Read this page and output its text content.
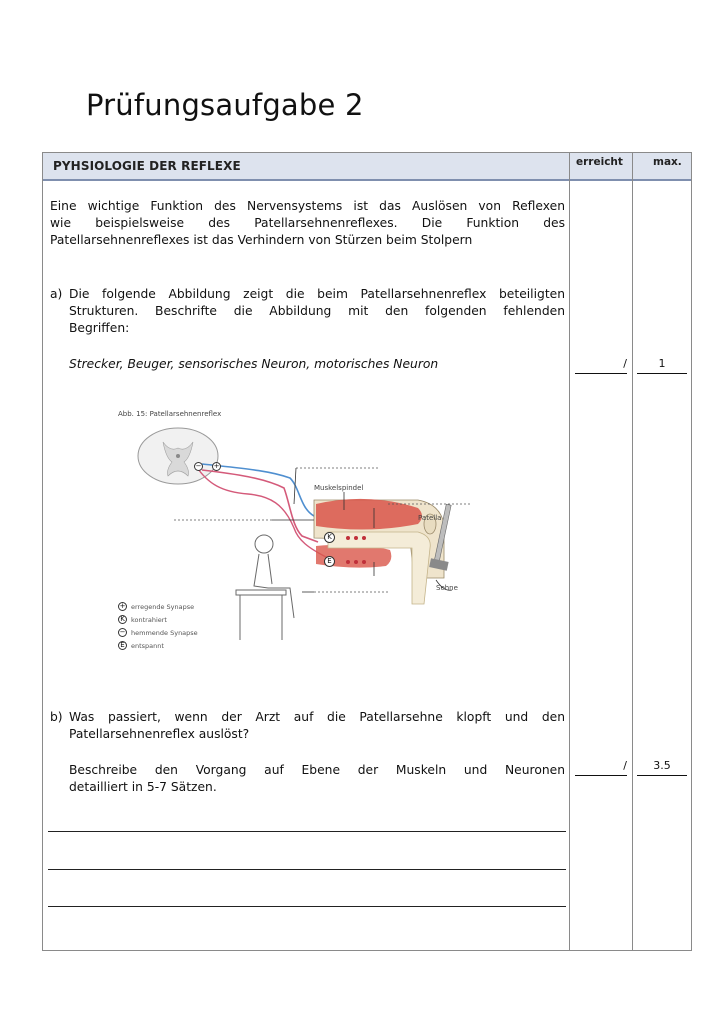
Prüfungsaufgabe 2
PYHSIOLOGIE DER REFLEXE	erreicht	max.
Eine wichtige Funktion des Nervensystems ist das Auslösen von Reflexen
wie beispielsweise des Patellarsehnenreflexes. Die Funktion des
Patellarsehnenreflexes ist das Verhindern von Stürzen beim Stolpern
a) Die folgende Abbildung zeigt die beim Patellarsehnenreflex beteiligten
Strukturen. Beschrifte die Abbildung mit den folgenden fehlenden
Begriffen:
Strecker, Beuger, sensorisches Neuron, motorisches Neuron	/	1
Abb. 15: Patellarsehnenreflex
Muskelspindel
Patella
Sehne
− +
K
E
+ erregende Synapse
K kontrahiert
− hemmende Synapse
E entspannt
b) Was passiert, wenn der Arzt auf die Patellarsehne klopft und den
Patellarsehnenreflex auslöst?
Beschreibe den Vorgang auf Ebene der Muskeln und Neuronen
detailliert in 5-7 Sätzen.
/	3.5
